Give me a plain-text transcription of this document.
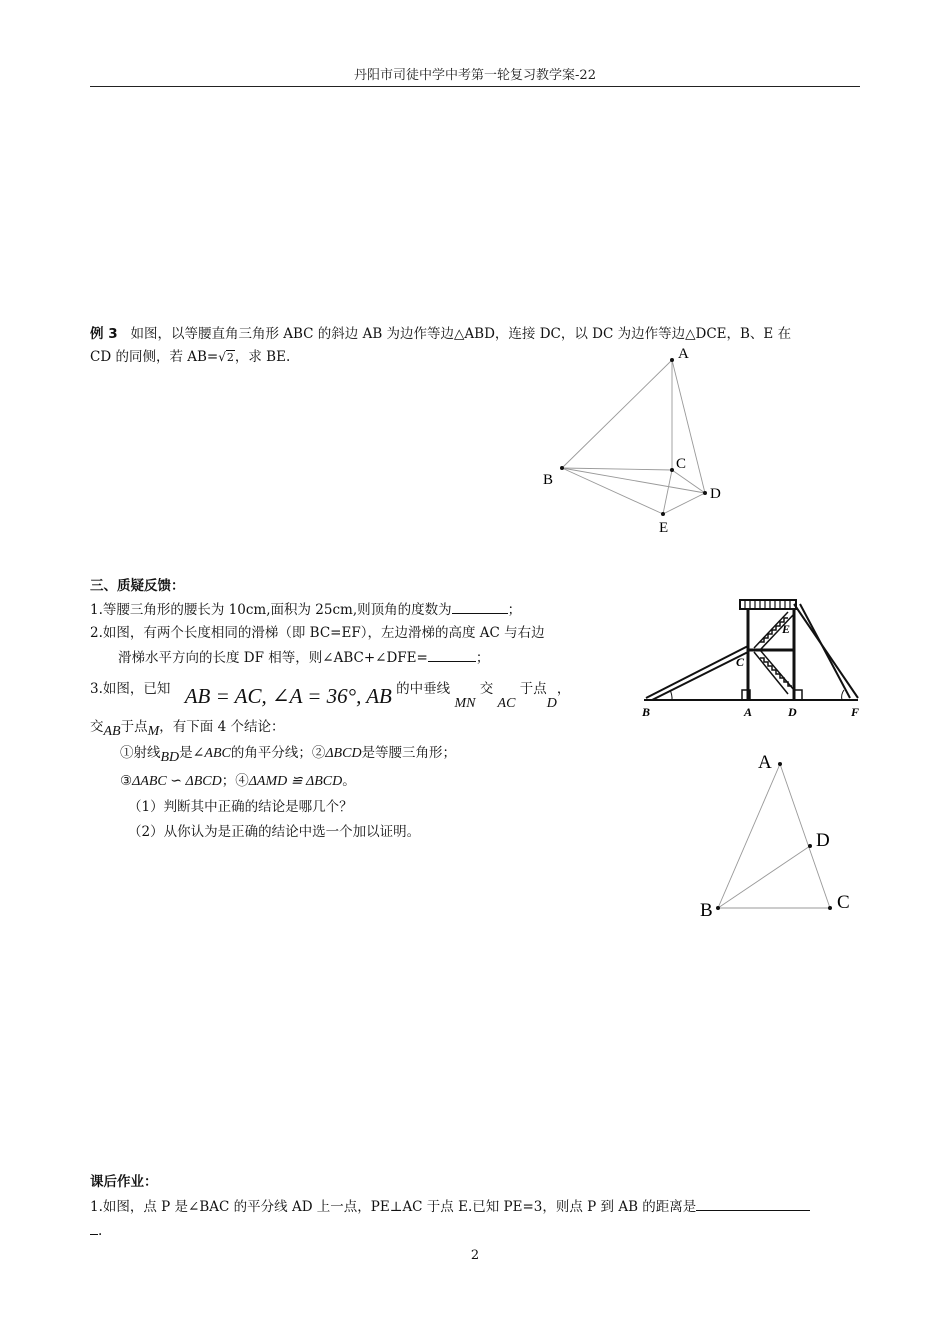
丹阳市司徒中学中考第一轮复习教学案-22
例 3 如图，以等腰直角三角形 ABC 的斜边 AB 为边作等边△ABD，连接 DC，以 DC 为边作等边△DCE，B、E 在
CD 的同侧，若 AB=√2，求 BE.	A
B
C
D
E
三、质疑反馈：
1.等腰三角形的腰长为 10cm,面积为 25cm,则顶角的度数为	；
2.如图，有两个长度相同的滑梯（即 BC=EF），左边滑梯的高度 AC 与右边
滑梯水平方向的长度 DF 相等，则∠ABC+∠DFE=	；
3.如图，已知 AB = AC, ∠A = 36°, AB 的中垂线 MN 交 AC 于点D，
交AB于点M，有下面 4 个结论：
①射线BD是∠ABC的角平分线；②ΔBCD是等腰三角形；
③ΔABC ∽ ΔBCD；④ΔAMD ≌ ΔBCD。
（1）判断其中正确的结论是哪几个？
（2）从你认为是正确的结论中选一个加以证明。
B	A
C
D
E
F
A
B	C
D
课后作业：
1.如图，点 P 是∠BAC 的平分线 AD 上一点，PE⊥AC 于点 E.已知 PE=3，则点 P 到 AB 的距离是
.
2
